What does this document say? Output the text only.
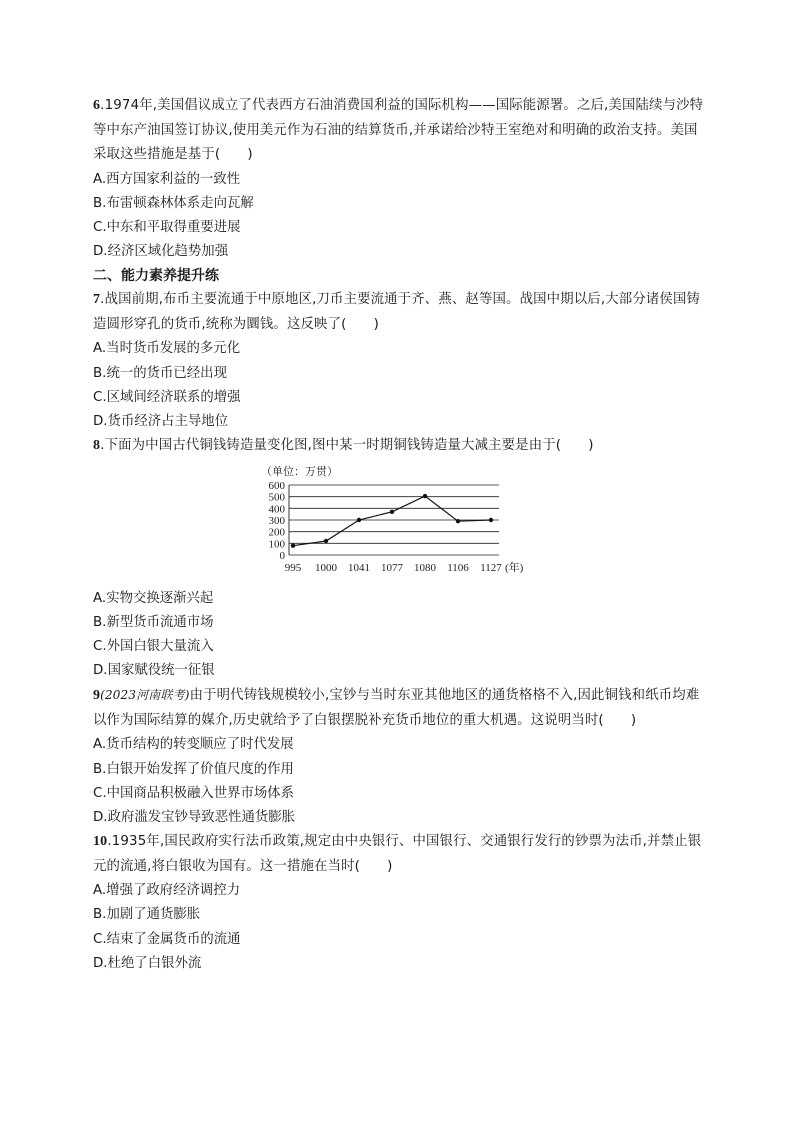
6.1974年,美国倡议成立了代表西方石油消费国利益的国际机构——国际能源署。之后,美国陆续与沙特等中东产油国签订协议,使用美元作为石油的结算货币,并承诺给沙特王室绝对和明确的政治支持。美国采取这些措施是基于(　　)

A.西方国家利益的一致性

B.布雷顿森林体系走向瓦解

C.中东和平取得重要进展

D.经济区域化趋势加强

二、能力素养提升练

7.战国前期,布币主要流通于中原地区,刀币主要流通于齐、燕、赵等国。战国中期以后,大部分诸侯国铸造圆形穿孔的货币,统称为圜钱。这反映了(　　)

A.当时货币发展的多元化

B.统一的货币已经出现

C.区域间经济联系的增强

D.货币经济占主导地位

8.下面为中国古代铜钱铸造量变化图,图中某一时期铜钱铸造量大减主要是由于(　　)

（单位：万贯）
0
100
200
300
400
500
600
995 1000 1041 1077 1080 1106 1127 (年)

A.实物交换逐渐兴起

B.新型货币流通市场

C.外国白银大量流入

D.国家赋役统一征银

9(2023河南联考)由于明代铸钱规模较小,宝钞与当时东亚其他地区的通货格格不入,因此铜钱和纸币均难以作为国际结算的媒介,历史就给予了白银摆脱补充货币地位的重大机遇。这说明当时(　　)

A.货币结构的转变顺应了时代发展

B.白银开始发挥了价值尺度的作用

C.中国商品积极融入世界市场体系

D.政府滥发宝钞导致恶性通货膨胀

10.1935年,国民政府实行法币政策,规定由中央银行、中国银行、交通银行发行的钞票为法币,并禁止银元的流通,将白银收为国有。这一措施在当时(　　)

A.增强了政府经济调控力

B.加剧了通货膨胀

C.结束了金属货币的流通

D.杜绝了白银外流
